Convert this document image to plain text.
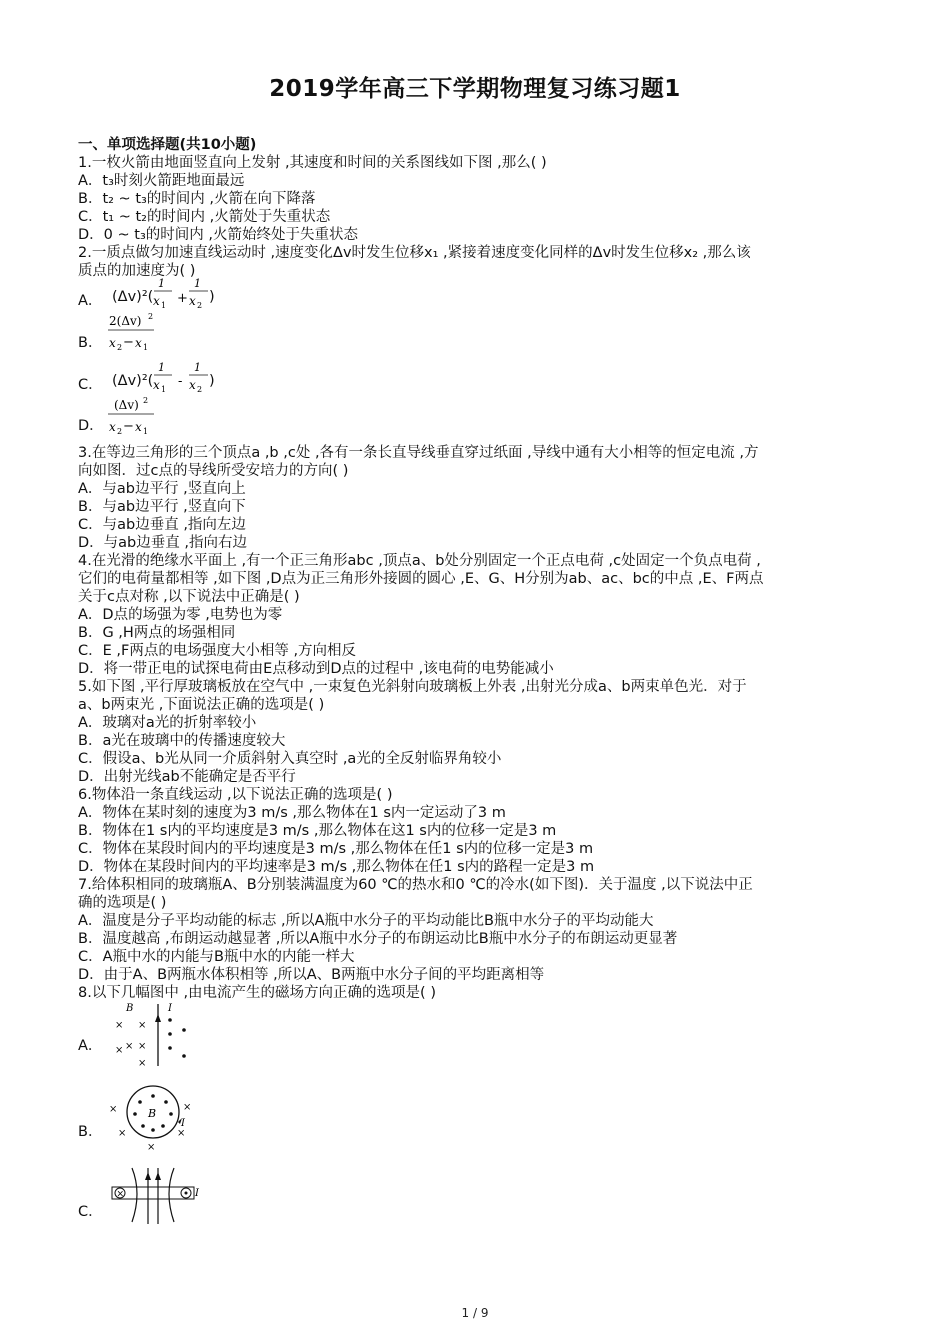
2019学年高三下学期物理复习练习题1
一、单项选择题(共10小题)
1.一枚火箭由地面竖直向上发射 ,其速度和时间的关系图线如下图 ,那么( )
A．t₃时刻火箭距地面最远
B．t₂ ~ t₃的时间内 ,火箭在向下降落
C．t₁ ~ t₂的时间内 ,火箭处于失重状态
D．0 ~ t₃的时间内 ,火箭始终处于失重状态
2.一质点做匀加速直线运动时 ,速度变化Δv时发生位移x₁ ,紧接着速度变化同样的Δv时发生位移x₂ ,那么该
质点的加速度为( )
A． (Δv)²(
1
x 1 +
1
x 2
)
B．
2(Δv) 2
x 2 − x 1
C． (Δv)²(
1
x 1
-
1
x 2
)
D．
(Δv) 2
x 2 − x 1
3.在等边三角形的三个顶点a ,b ,c处 ,各有一条长直导线垂直穿过纸面 ,导线中通有大小相等的恒定电流 ,方
向如图．过c点的导线所受安培力的方向( )
A．与ab边平行 ,竖直向上
B．与ab边平行 ,竖直向下
C．与ab边垂直 ,指向左边
D．与ab边垂直 ,指向右边
4.在光滑的绝缘水平面上 ,有一个正三角形abc ,顶点a、b处分别固定一个正点电荷 ,c处固定一个负点电荷 ,
它们的电荷量都相等 ,如下图 ,D点为正三角形外接圆的圆心 ,E、G、H分别为ab、ac、bc的中点 ,E、F两点
关于c点对称 ,以下说法中正确是( )
A．D点的场强为零 ,电势也为零
B．G ,H两点的场强相同
C．E ,F两点的电场强度大小相等 ,方向相反
D．将一带正电的试探电荷由E点移动到D点的过程中 ,该电荷的电势能减小
5.如下图 ,平行厚玻璃板放在空气中 ,一束复色光斜射向玻璃板上外表 ,出射光分成a、b两束单色光．对于
a、b两束光 ,下面说法正确的选项是( )
A．玻璃对a光的折射率较小
B．a光在玻璃中的传播速度较大
C．假设a、b光从同一介质斜射入真空时 ,a光的全反射临界角较小
D．出射光线ab不能确定是否平行
6.物体沿一条直线运动 ,以下说法正确的选项是( )
A．物体在某时刻的速度为3 m/s ,那么物体在1 s内一定运动了3 m
B．物体在1 s内的平均速度是3 m/s ,那么物体在这1 s内的位移一定是3 m
C．物体在某段时间内的平均速度是3 m/s ,那么物体在任1 s内的位移一定是3 m
D．物体在某段时间内的平均速率是3 m/s ,那么物体在任1 s内的路程一定是3 m
7.给体积相同的玻璃瓶A、B分别装满温度为60 ℃的热水和0 ℃的冷水(如下图)．关于温度 ,以下说法中正
确的选项是( )
A．温度是分子平均动能的标志 ,所以A瓶中水分子的平均动能比B瓶中水分子的平均动能大
B．温度越高 ,布朗运动越显著 ,所以A瓶中水分子的布朗运动比B瓶中水分子的布朗运动更显著
C．A瓶中水的内能与B瓶中水的内能一样大
D．由于A、B两瓶水体积相等 ,所以A、B两瓶中水分子间的平均距离相等
8.以下几幅图中 ,由电流产生的磁场方向正确的选项是( )
A．
B	I
× ×
× ×
×
×
B．
B
×	×
×	×
×
I
C．
×	I
1 / 9
